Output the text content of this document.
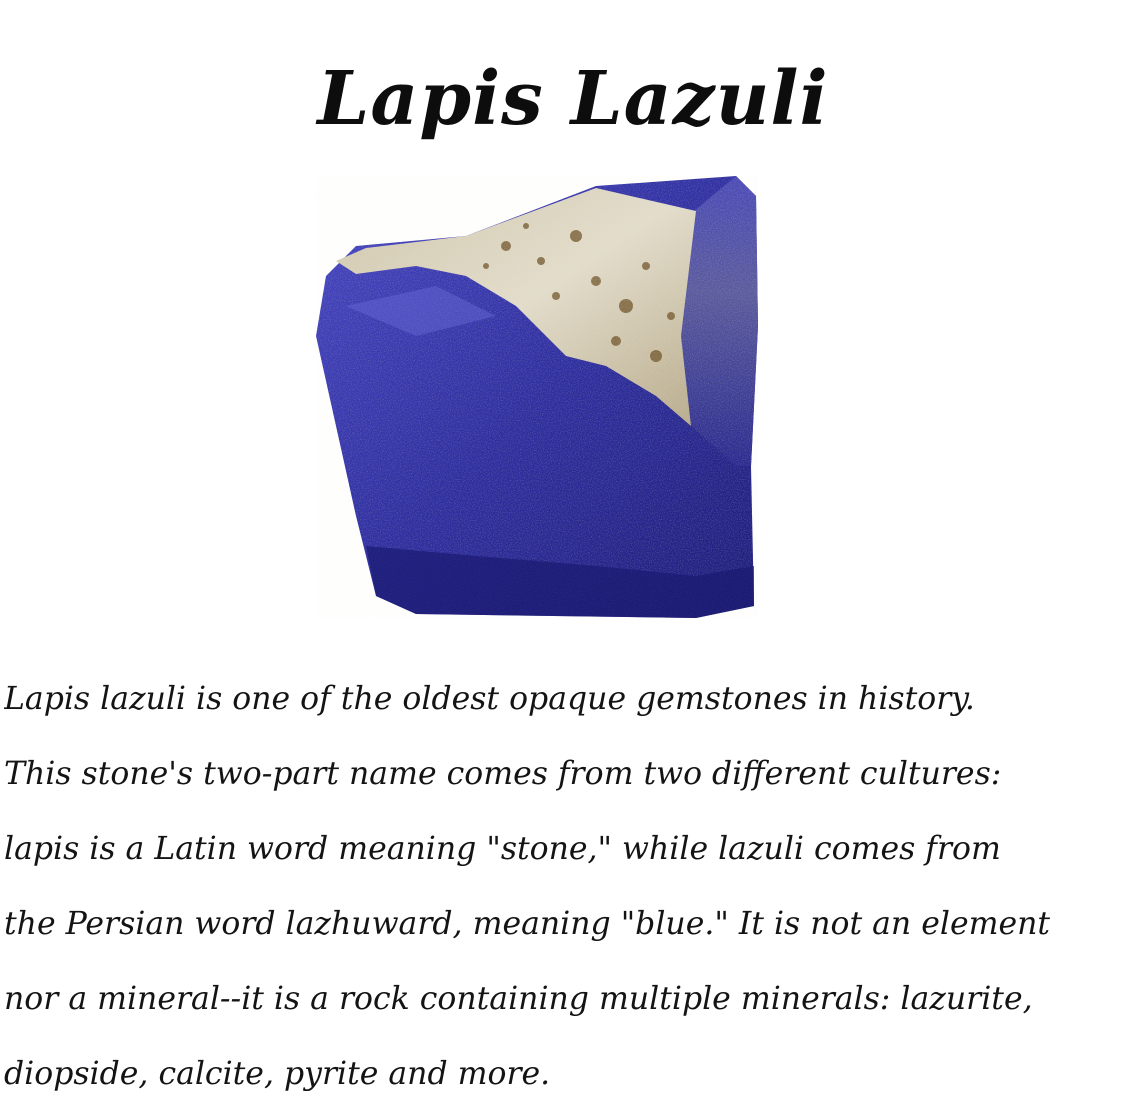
Lapis Lazuli
Lapis lazuli is one of the oldest opaque gemstones in history.
This stone's two-part name comes from two different cultures:
lapis is a Latin word meaning "stone," while lazuli comes from
the Persian word lazhuward, meaning "blue." It is not an element
nor a mineral--it is a rock containing multiple minerals: lazurite,
diopside, calcite, pyrite and more.
